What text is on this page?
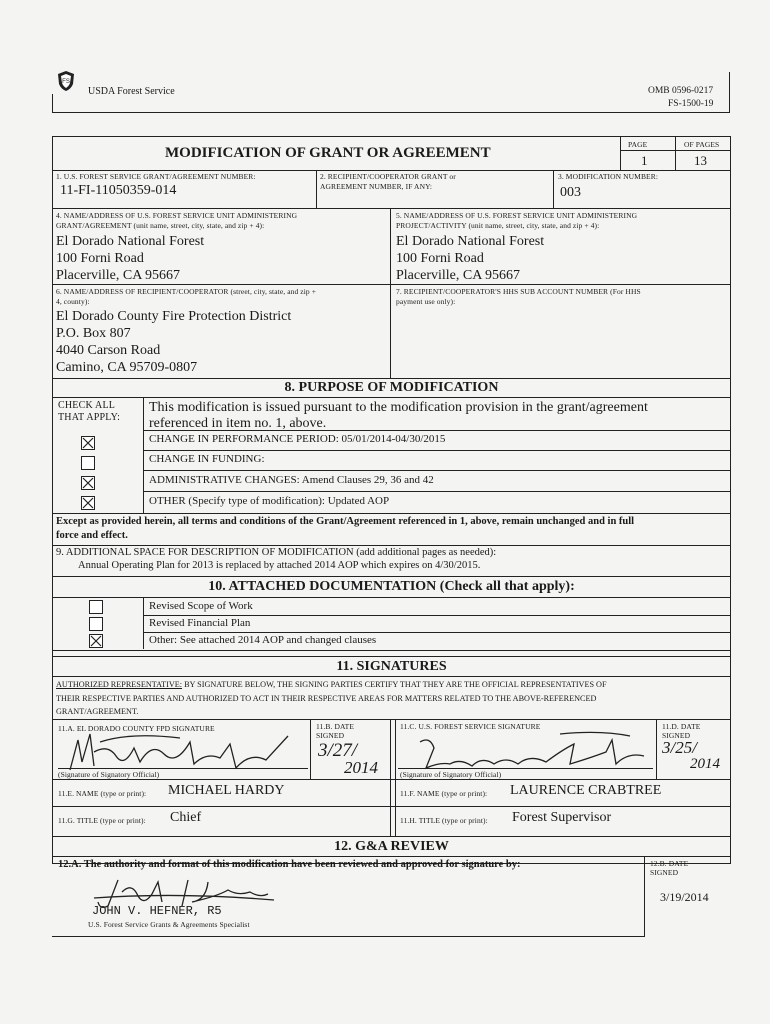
FS
USDA Forest Service	OMB 0596-0217
FS-1500-19
MODIFICATION OF GRANT OR AGREEMENT
PAGE	OF PAGES
1	13
1. U.S. FOREST SERVICE GRANT/AGREEMENT NUMBER:
11-FI-11050359-014
2. RECIPIENT/COOPERATOR GRANT or
AGREEMENT NUMBER, IF ANY:
3. MODIFICATION NUMBER:
003
4. NAME/ADDRESS OF U.S. FOREST SERVICE UNIT ADMINISTERING
GRANT/AGREEMENT (unit name, street, city, state, and zip + 4):
El Dorado National Forest
100 Forni Road
Placerville, CA 95667
5. NAME/ADDRESS OF U.S. FOREST SERVICE UNIT ADMINISTERING
PROJECT/ACTIVITY (unit name, street, city, state, and zip + 4):
El Dorado National Forest
100 Forni Road
Placerville, CA 95667
6. NAME/ADDRESS OF RECIPIENT/COOPERATOR (street, city, state, and zip +
4, county):
El Dorado County Fire Protection District
P.O. Box 807
4040 Carson Road
Camino, CA 95709-0807
7. RECIPIENT/COOPERATOR'S HHS SUB ACCOUNT NUMBER (For HHS
payment use only):
8. PURPOSE OF MODIFICATION
CHECK ALL
THAT APPLY:
This modification is issued pursuant to the modification provision in the grant/agreement
referenced in item no. 1, above.
CHANGE IN PERFORMANCE PERIOD: 05/01/2014-04/30/2015
CHANGE IN FUNDING:
ADMINISTRATIVE CHANGES: Amend Clauses 29, 36 and 42
OTHER (Specify type of modification): Updated AOP
Except as provided herein, all terms and conditions of the Grant/Agreement referenced in 1, above, remain unchanged and in full
force and effect.
9. ADDITIONAL SPACE FOR DESCRIPTION OF MODIFICATION (add additional pages as needed):
Annual Operating Plan for 2013 is replaced by attached 2014 AOP which expires on 4/30/2015.
10. ATTACHED DOCUMENTATION (Check all that apply):
Revised Scope of Work
Revised Financial Plan
Other: See attached 2014 AOP and changed clauses
11. SIGNATURES
AUTHORIZED REPRESENTATIVE: BY SIGNATURE BELOW, THE SIGNING PARTIES CERTIFY THAT THEY ARE THE OFFICIAL REPRESENTATIVES OF
THEIR RESPECTIVE PARTIES AND AUTHORIZED TO ACT IN THEIR RESPECTIVE AREAS FOR MATTERS RELATED TO THE ABOVE-REFERENCED
GRANT/AGREEMENT.
11.A. EL DORADO COUNTY FPD SIGNATURE	11.B. DATE
SIGNED
11.C. U.S. FOREST SERVICE SIGNATURE	11.D. DATE
SIGNED
3/27/
2014
3/25/
2014
(Signature of Signatory Official)	(Signature of Signatory Official)
11.E. NAME (type or print): MICHAEL HARDY	11.F. NAME (type or print): LAURENCE CRABTREE
11.G. TITLE (type or print): Chief	11.H. TITLE (type or print): Forest Supervisor
12. G&A REVIEW
12.A. The authority and format of this modification have been reviewed and approved for signature by:	12.B. DATE
SIGNED
3/19/2014
JOHN V. HEFNER, R5
U.S. Forest Service Grants & Agreements Specialist
